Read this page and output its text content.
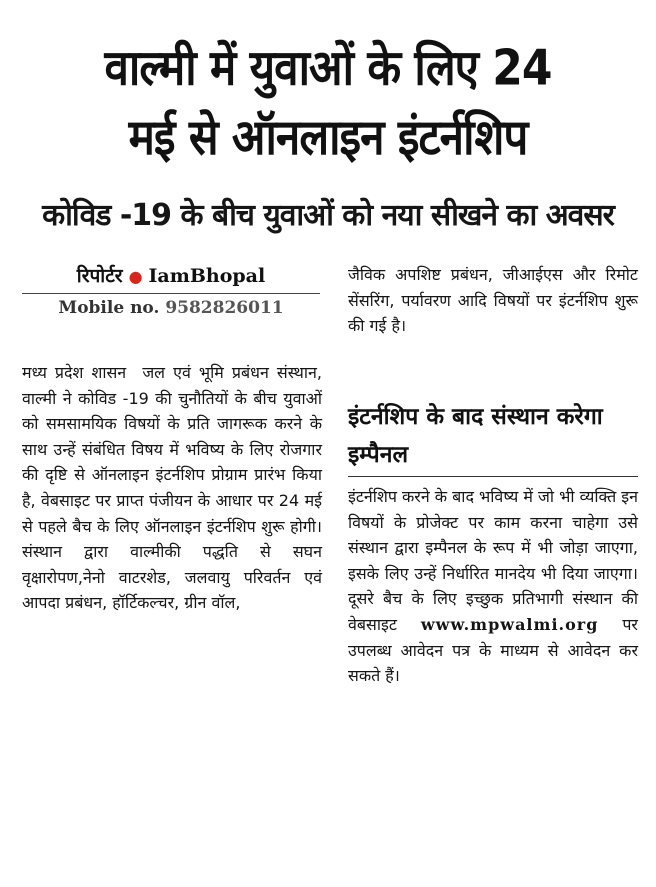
वाल्मी में युवाओं के लिए 24
मई से ऑनलाइन इंटर्नशिप
कोविड -19 के बीच युवाओं को नया सीखने का अवसर
रिपोर्टर ● IamBhopal
Mobile no. 9582826011

मध्य प्रदेश शासन जल एवं भूमि प्रबंधन संस्थान, वाल्मी ने कोविड -19 की चुनौतियों के बीच युवाओं को समसामयिक विषयों के प्रति जागरूक करने के साथ उन्हें संबंधित विषय में भविष्य के लिए रोजगार की दृष्टि से ऑनलाइन इंटर्नशिप प्रोग्राम प्रारंभ किया है, वेबसाइट पर प्राप्त पंजीयन के आधार पर 24 मई से पहले बैच के लिए ऑनलाइन इंटर्नशिप शुरू होगी। संस्थान द्वारा वाल्मीकी पद्धति से सघन वृक्षारोपण,नेनो वाटरशेड, जलवायु परिवर्तन एवं आपदा प्रबंधन, हॉर्टिकल्चर, ग्रीन वॉल,

जैविक अपशिष्ट प्रबंधन, जीआईएस और रिमोट सेंसरिंग, पर्यावरण आदि विषयों पर इंटर्नशिप शुरू की गई है।

इंटर्नशिप के बाद संस्थान करेगा इम्पैनल

इंटर्नशिप करने के बाद भविष्य में जो भी व्यक्ति इन विषयों के प्रोजेक्ट पर काम करना चाहेगा उसे संस्थान द्वारा इम्पैनल के रूप में भी जोड़ा जाएगा, इसके लिए उन्हें निर्धारित मानदेय भी दिया जाएगा। दूसरे बैच के लिए इच्छुक प्रतिभागी संस्थान की वेबसाइट www.mpwalmi.org पर उपलब्ध आवेदन पत्र के माध्यम से आवेदन कर सकते हैं।
